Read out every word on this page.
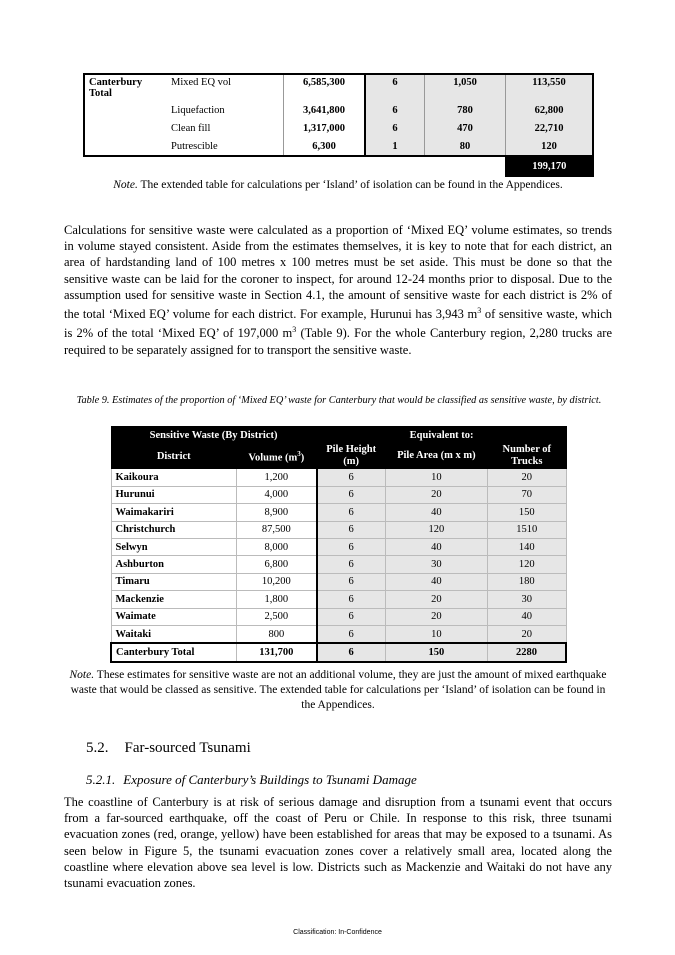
Canterbury Total	Mixed EQ vol	6,585,300	6	1,050	113,550
	Liquefaction	3,641,800	6	780	62,800
	Clean fill	1,317,000	6	470	22,710
	Putrescible	6,300	1	80	120
					199,170
Note. The extended table for calculations per ‘Island’ of isolation can be found in the Appendices.
Calculations for sensitive waste were calculated as a proportion of ‘Mixed EQ’ volume estimates, so trends in volume stayed consistent. Aside from the estimates themselves, it is key to note that for each district, an area of hardstanding land of 100 metres x 100 metres must be set aside. This must be done so that the sensitive waste can be laid for the coroner to inspect, for around 12-24 months prior to disposal. Due to the assumption used for sensitive waste in Section 4.1, the amount of sensitive waste for each district is 2% of the total ‘Mixed EQ’ volume for each district. For example, Hurunui has 3,943 $m^3$ of sensitive waste, which is 2% of the total ‘Mixed EQ’ of 197,000 $m^3$ (Table 9). For the whole Canterbury region, 2,280 trucks are required to be separately assigned for to transport the sensitive waste.
Table 9. Estimates of the proportion of ‘Mixed EQ’ waste for Canterbury that would be classified as sensitive waste, by district.
Sensitive Waste (By District)		Equivalent to:		
District	Volume $(m^3)$	Pile Height (m)	Pile Area (m x m)	Number of Trucks
Kaikoura	1,200	6	10	20
Hurunui	4,000	6	20	70
Waimakariri	8,900	6	40	150
Christchurch	87,500	6	120	1510
Selwyn	8,000	6	40	140
Ashburton	6,800	6	30	120
Timaru	10,200	6	40	180
Mackenzie	1,800	6	20	30
Waimate	2,500	6	20	40
Waitaki	800	6	10	20
Canterbury Total	131,700	6	150	2280
Note. These estimates for sensitive waste are not an additional volume, they are just the amount of mixed earthquake waste that would be classed as sensitive. The extended table for calculations per ‘Island’ of isolation can be found in the Appendices.
5.2. Far-sourced Tsunami
5.2.1. Exposure of Canterbury’s Buildings to Tsunami Damage
The coastline of Canterbury is at risk of serious damage and disruption from a tsunami event that occurs from a far-sourced earthquake, off the coast of Peru or Chile. In response to this risk, three tsunami evacuation zones (red, orange, yellow) have been established for areas that may be exposed to a tsunami. As seen below in Figure 5, the tsunami evacuation zones cover a relatively small area, located along the coastline where elevation above sea level is low. Districts such as Mackenzie and Waitaki do not have any tsunami evacuation zones.
Classification: In-Confidence
